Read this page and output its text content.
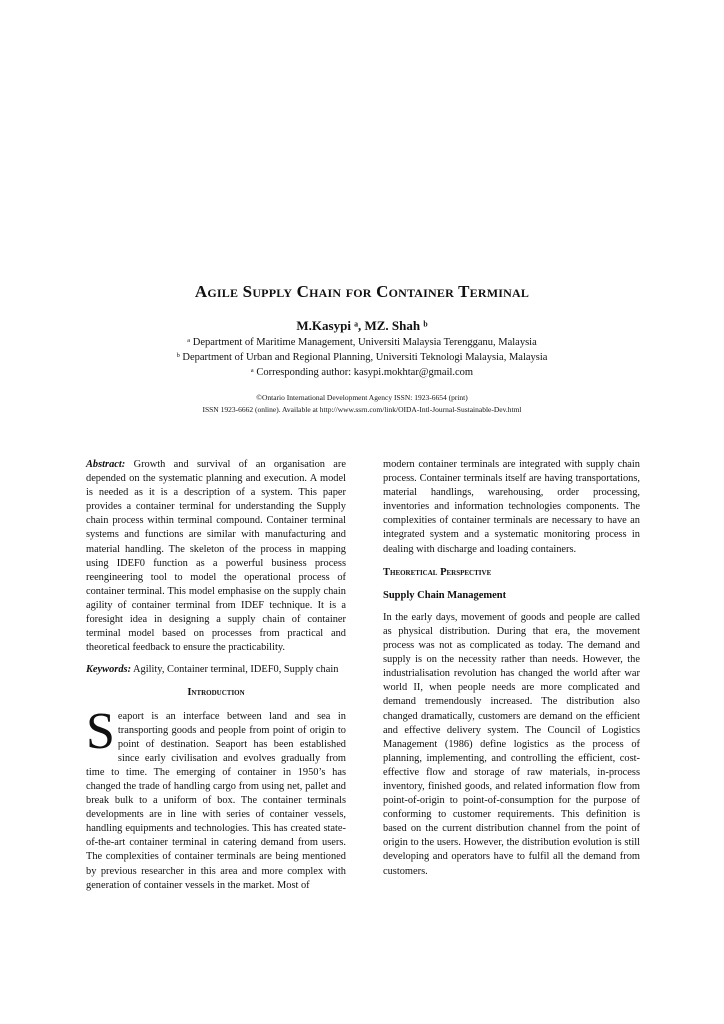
Agile Supply Chain for Container Terminal
M.Kasypi ᵃ, MZ. Shah ᵇ
ᵃ Department of Maritime Management, Universiti Malaysia Terengganu, Malaysia
ᵇ Department of Urban and Regional Planning, Universiti Teknologi Malaysia, Malaysia
ᵃ Corresponding author: kasypi.mokhtar@gmail.com
©Ontario International Development Agency ISSN: 1923-6654 (print)
ISSN 1923-6662 (online). Available at http://www.ssrn.com/link/OIDA-Intl-Journal-Sustainable-Dev.html

Abstract: Growth and survival of an organisation are depended on the systematic planning and execution. A model is needed as it is a description of a system. This paper provides a container terminal for understanding the Supply chain process within terminal compound. Container terminal systems and functions are similar with manufacturing and material handling. The skeleton of the process in mapping using IDEF0 function as a powerful business process reengineering tool to model the operational process of container terminal. This model emphasise on the supply chain agility of container terminal from IDEF technique. It is a foresight idea in designing a supply chain of container terminal model based on processes from practical and theoretical feedback to ensure the practicability.

Keywords: Agility, Container terminal, IDEF0, Supply chain

Introduction

Seaport is an interface between land and sea in transporting goods and people from point of origin to point of destination. Seaport has been established since early civilisation and evolves gradually from time to time. The emerging of container in 1950’s has changed the trade of handling cargo from using net, pallet and break bulk to a uniform of box. The container terminals developments are in line with series of container vessels, handling equipments and technologies. This has created state-of-the-art container terminal in catering demand from users. The complexities of container terminals are being mentioned by previous researcher in this area and more complex with generation of container vessels in the market. Most of

modern container terminals are integrated with supply chain process. Container terminals itself are having transportations, material handlings, warehousing, order processing, inventories and information technologies components. The complexities of container terminals are necessary to have an integrated system and a systematic monitoring process in dealing with discharge and loading containers.

Theoretical Perspective
Supply Chain Management

In the early days, movement of goods and people are called as physical distribution. During that era, the movement process was not as complicated as today. The demand and supply is on the necessity rather than needs. However, the industrialisation revolution has changed the world after war world II, when people needs are more complicated and demand tremendously increased. The distribution also changed dramatically, customers are demand on the efficient and effective delivery system. The Council of Logistics Management (1986) define logistics as the process of planning, implementing, and controlling the efficient, cost-effective flow and storage of raw materials, in-process inventory, finished goods, and related information flow from point-of-origin to point-of-consumption for the purpose of conforming to customer requirements. This definition is based on the current distribution channel from the point of origin to the users. However, the distribution evolution is still developing and operators have to fulfil all the demand from customers.
